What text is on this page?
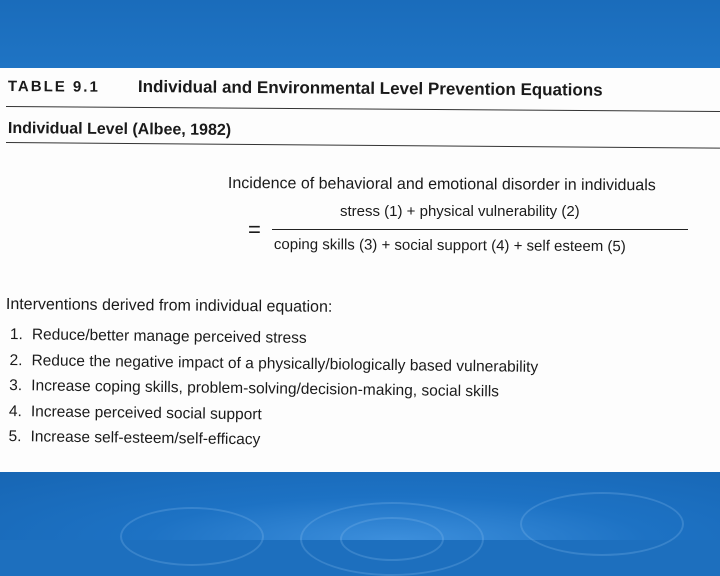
TABLE 9.1 Individual and Environmental Level Prevention Equations
Individual Level (Albee, 1982)
Incidence of behavioral and emotional disorder in individuals
=
stress (1) + physical vulnerability (2)
coping skills (3) + social support (4) + self esteem (5)
Interventions derived from individual equation:
1. Reduce/better manage perceived stress
2. Reduce the negative impact of a physically/biologically based vulnerability
3. Increase coping skills, problem-solving/decision-making, social skills
4. Increase perceived social support
5. Increase self-esteem/self-efficacy
